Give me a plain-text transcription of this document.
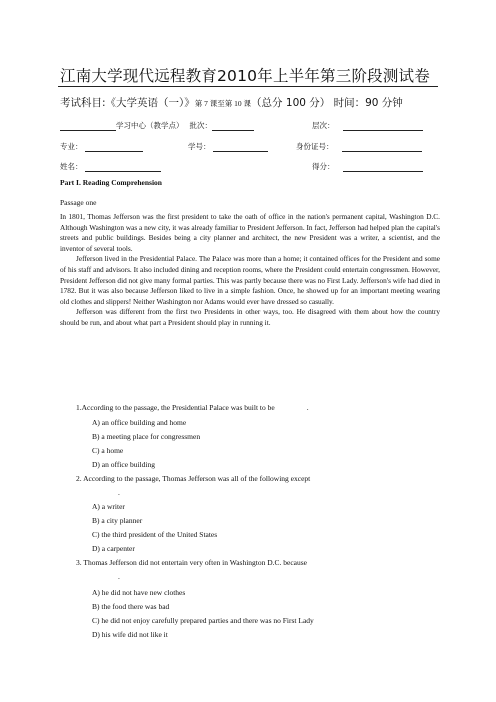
江南大学现代远程教育2010年上半年第三阶段测试卷
考试科目:《大学英语（一）》第 7 课至第 10 课（总分 100 分） 时间：90 分钟
学习中心（教学点） 批次：	层次：
专业：	学号：	身份证号：
姓名：	得分：
Part I. Reading Comprehension
Passage one

In 1801, Thomas Jefferson was the first president to take the oath of office in the nation's permanent capital, Washington D.C. Although Washington was a new city, it was already familiar to President Jefferson. In fact, Jefferson had helped plan the capital's streets and public buildings. Besides being a city planner and architect, the new President was a writer, a scientist, and the inventor of several tools.

Jefferson lived in the Presidential Palace. The Palace was more than a home; it contained offices for the President and some of his staff and advisors. It also included dining and reception rooms, where the President could entertain congressmen. However, President Jefferson did not give many formal parties. This was partly because there was no First Lady. Jefferson's wife had died in 1782. But it was also because Jefferson liked to live in a simple fashion. Once, he showed up for an important meeting wearing old clothes and slippers! Neither Washington nor Adams would ever have dressed so casually.

Jefferson was different from the first two Presidents in other ways, too. He disagreed with them about how the country should be run, and about what part a President should play in running it.

1.According to the passage, the Presidential Palace was built to be	.
A) an office building and home
B) a meeting place for congressmen
C) a home
D) an office building
2. According to the passage, Thomas Jefferson was all of the following except
.
A) a writer
B) a city planner
C) the third president of the United States
D) a carpenter
3. Thomas Jefferson did not entertain very often in Washington D.C. because
.
A) he did not have new clothes
B) the food there was bad
C) he did not enjoy carefully prepared parties and there was no First Lady
D) his wife did not like it
